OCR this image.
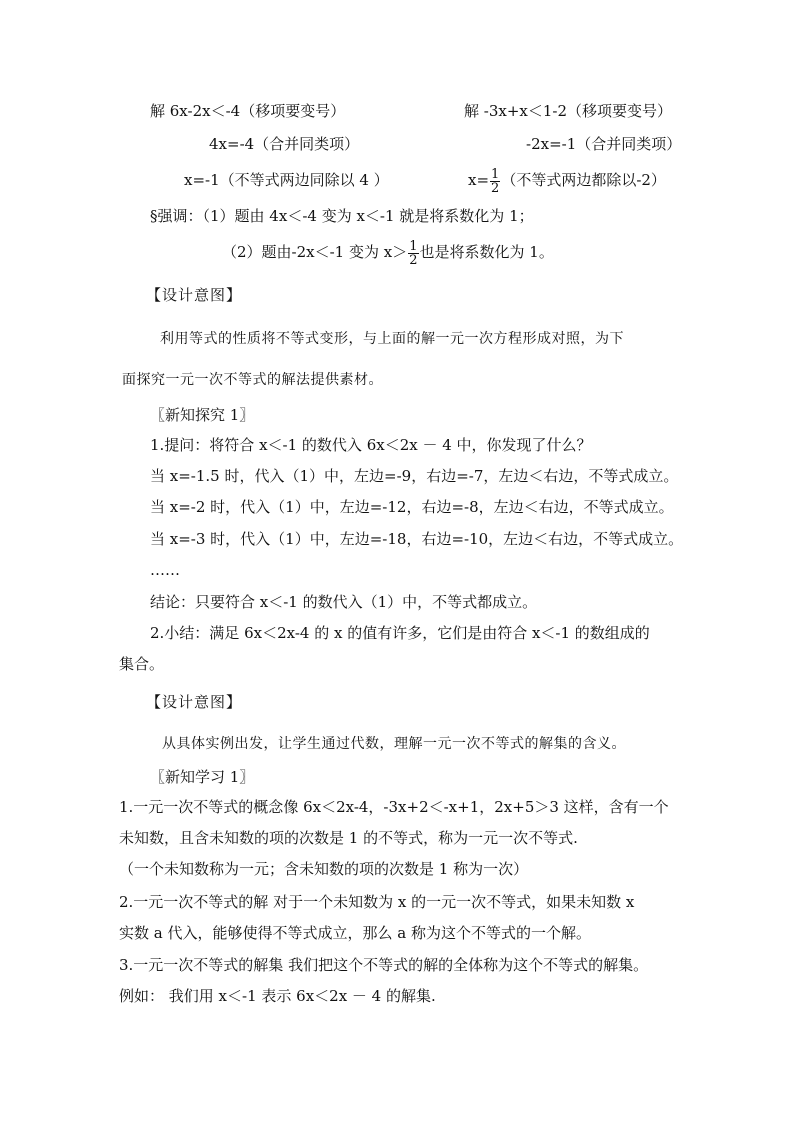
解 6x-2x＜-4（移项要变号）	解 -3x+x＜1-2（移项要变号）
4x=-4（合并同类项）	-2x=-1（合并同类项）
x=-1（不等式两边同除以 4 ）	$x= \frac{1}{2}$ （不等式两边都除以-2）
§强调：（1）题由 4x＜-4 变为 x＜-1 就是将系数化为 1；
（2）题由-2x＜-1 变为 $x> \frac{1}{2}$ 也是将系数化为 1。
【设计意图】
利用等式的性质将不等式变形，与上面的解一元一次方程形成对照，为下
面探究一元一次不等式的解法提供素材。
〖新知探究 1〗
1.提问：将符合 x＜-1 的数代入 6x＜2x － 4 中，你发现了什么？
当 x=-1.5 时，代入（1）中，左边=-9，右边=-7，左边＜右边，不等式成立。
当 x=-2 时，代入（1）中，左边=-12，右边=-8，左边＜右边，不等式成立。
当 x=-3 时，代入（1）中，左边=-18，右边=-10，左边＜右边，不等式成立。
……
结论：只要符合 x＜-1 的数代入（1）中，不等式都成立。
2.小结：满足 6x＜2x-4 的 x 的值有许多，它们是由符合 x＜-1 的数组成的
集合。
【设计意图】
从具体实例出发，让学生通过代数，理解一元一次不等式的解集的含义。
〖新知学习 1〗
1.一元一次不等式的概念像 6x＜2x-4，-3x+2＜-x+1，2x+5＞3 这样，含有一个
未知数，且含未知数的项的次数是 1 的不等式，称为一元一次不等式.
（一个未知数称为一元；含未知数的项的次数是 1 称为一次）
2.一元一次不等式的解 对于一个未知数为 x 的一元一次不等式，如果未知数 x
实数 a 代入，能够使得不等式成立，那么 a 称为这个不等式的一个解。
3.一元一次不等式的解集 我们把这个不等式的解的全体称为这个不等式的解集。
例如： 我们用 x＜-1 表示 6x＜2x － 4 的解集.
